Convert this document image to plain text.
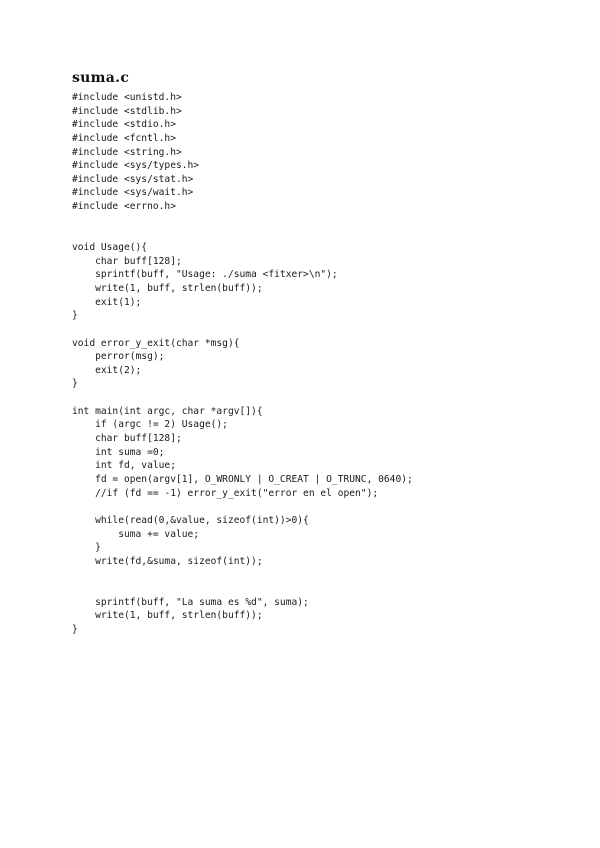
suma.c
#include <unistd.h>
#include <stdlib.h>
#include <stdio.h>
#include <fcntl.h>
#include <string.h>
#include <sys/types.h>
#include <sys/stat.h>
#include <sys/wait.h>
#include <errno.h>
void Usage(){
char buff[128];
sprintf(buff, "Usage: ./suma <fitxer>\n");
write(1, buff, strlen(buff));
exit(1);
}
void error_y_exit(char *msg){
perror(msg);
exit(2);
}
int main(int argc, char *argv[]){
if (argc != 2) Usage();
char buff[128];
int suma =0;
int fd, value;
fd = open(argv[1], O_WRONLY | O_CREAT | O_TRUNC, 0640);
//if (fd == -1) error_y_exit("error en el open");
while(read(0,&value, sizeof(int))>0){
suma += value;
}
write(fd,&suma, sizeof(int));
sprintf(buff, "La suma es %d", suma);
write(1, buff, strlen(buff));
}
